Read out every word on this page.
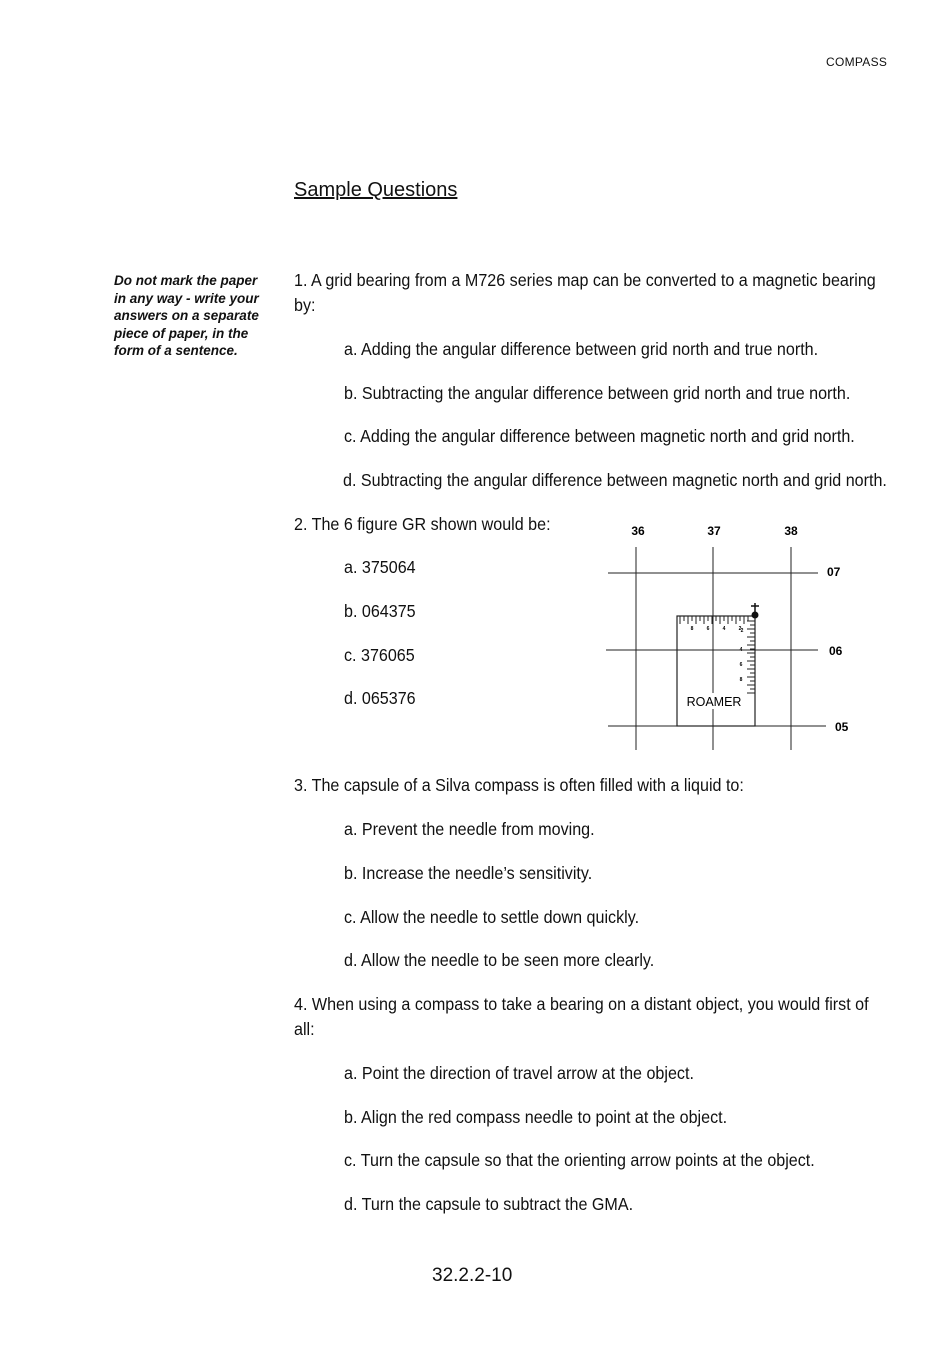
COMPASS
Sample Questions
Do not mark the paper in any way - write your answers on a separate piece of paper, in the form of a sentence.
1. A grid bearing from a M726 series map can be converted to a magnetic bearing by:
a. Adding the angular difference between grid north and true north.
b. Subtracting the angular difference between grid north and true north.
c. Adding the angular difference between magnetic north and grid north.
d. Subtracting the angular difference between magnetic north and grid north.
2. The 6 figure GR shown would be:
a. 375064
b. 064375
c. 376065
d. 065376
36	37	38
07
06
05
8	6	4	2 2
4
6
8
ROAMER
3. The capsule of a Silva compass is often filled with a liquid to:
a. Prevent the needle from moving.
b. Increase the needle’s sensitivity.
c. Allow the needle to settle down quickly.
d. Allow the needle to be seen more clearly.
4. When using a compass to take a bearing on a distant object, you would first of all:
a. Point the direction of travel arrow at the object.
b. Align the red compass needle to point at the object.
c. Turn the capsule so that the orienting arrow points at the object.
d. Turn the capsule to subtract the GMA.
32.2.2-10
